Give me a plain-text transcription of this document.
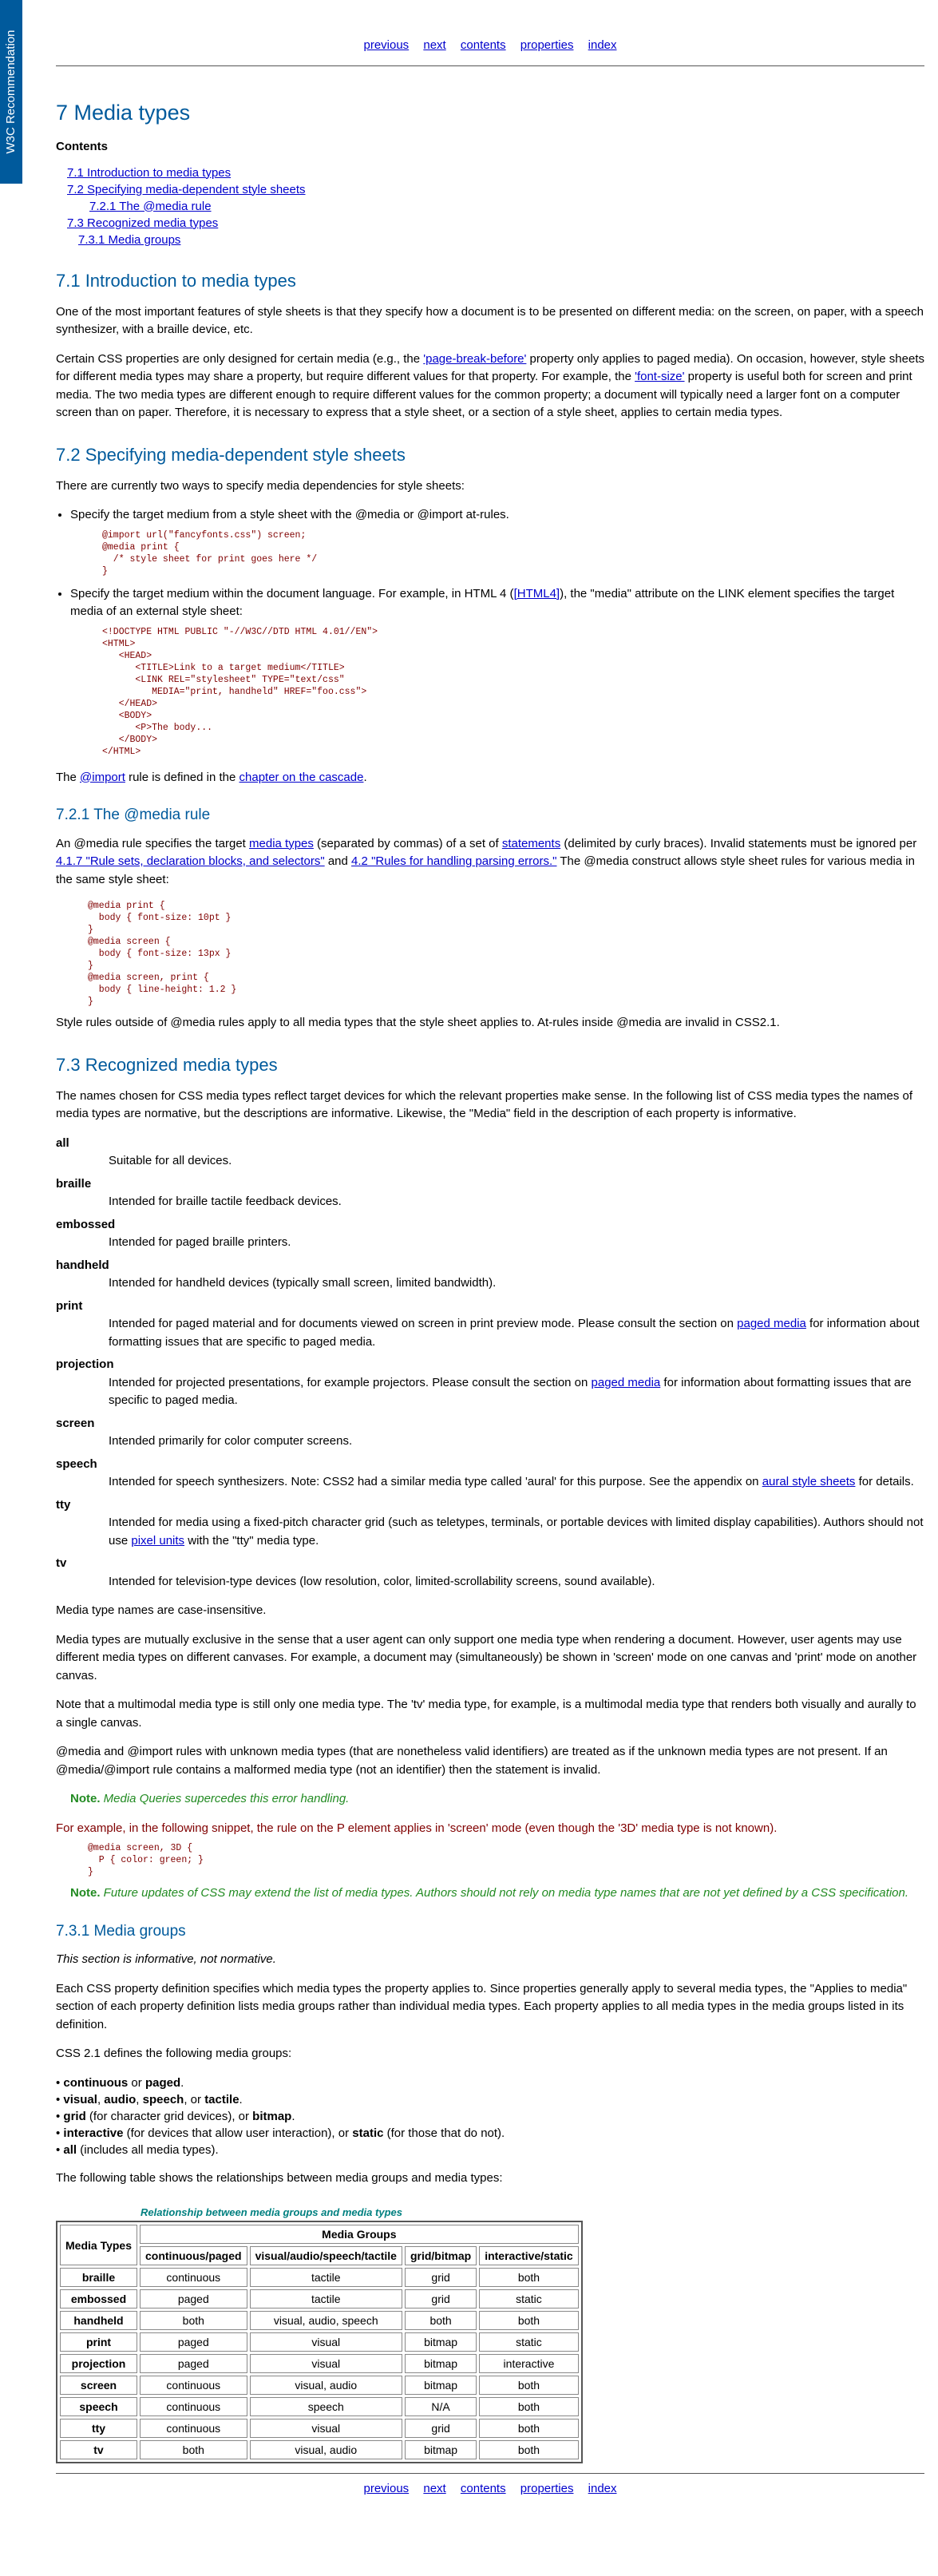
W3C Recommendation	previous next contents properties index
7 Media types
Contents
7.1 Introduction to media types
7.2 Specifying media-dependent style sheets
7.2.1 The @media rule
7.3 Recognized media types
7.3.1 Media groups
7.1 Introduction to media types

One of the most important features of style sheets is that they specify how a document is to be presented on different media: on the screen, on paper, with a speech synthesizer, with a braille device, etc.

Certain CSS properties are only designed for certain media (e.g., the 'page-break-before' property only applies to paged media). On occasion, however, style sheets for different media types may share a property, but require different values for that property. For example, the 'font-size' property is useful both for screen and print media. The two media types are different enough to require different values for the common property; a document will typically need a larger font on a computer screen than on paper. Therefore, it is necessary to express that a style sheet, or a section of a style sheet, applies to certain media types.

7.2 Specifying media-dependent style sheets

There are currently two ways to specify media dependencies for style sheets:

• Specify the target medium from a style sheet with the @media or @import at-rules.
@import url("fancyfonts.css") screen;
@media print {
/* style sheet for print goes here */
}
• Specify the target medium within the document language. For example, in HTML 4 ([HTML4]), the "media" attribute on the LINK element specifies the target media of an external style sheet:
<!DOCTYPE HTML PUBLIC "-//W3C//DTD HTML 4.01//EN">
<HTML>
<HEAD>
<TITLE>Link to a target medium</TITLE>
<LINK REL="stylesheet" TYPE="text/css"
MEDIA="print, handheld" HREF="foo.css">
</HEAD>
<BODY>
<P>The body...
</BODY>
</HTML>

The @import rule is defined in the chapter on the cascade.

7.2.1 The @media rule

An @media rule specifies the target media types (separated by commas) of a set of statements (delimited by curly braces). Invalid statements must be ignored per 4.1.7 "Rule sets, declaration blocks, and selectors" and 4.2 "Rules for handling parsing errors." The @media construct allows style sheet rules for various media in the same style sheet:

@media print {
body { font-size: 10pt }
}
@media screen {
body { font-size: 13px }
}
@media screen, print {
body { line-height: 1.2 }
}

Style rules outside of @media rules apply to all media types that the style sheet applies to. At-rules inside @media are invalid in CSS2.1.

7.3 Recognized media types

The names chosen for CSS media types reflect target devices for which the relevant properties make sense. In the following list of CSS media types the names of media types are normative, but the descriptions are informative. Likewise, the "Media" field in the description of each property is informative.

all
Suitable for all devices.
braille
Intended for braille tactile feedback devices.
embossed
Intended for paged braille printers.
handheld
Intended for handheld devices (typically small screen, limited bandwidth).
print
Intended for paged material and for documents viewed on screen in print preview mode. Please consult the section on paged media for information about formatting issues that are specific to paged media.
projection
Intended for projected presentations, for example projectors. Please consult the section on paged media for information about formatting issues that are specific to paged media.
screen
Intended primarily for color computer screens.
speech
Intended for speech synthesizers. Note: CSS2 had a similar media type called 'aural' for this purpose. See the appendix on aural style sheets for details.
tty
Intended for media using a fixed-pitch character grid (such as teletypes, terminals, or portable devices with limited display capabilities). Authors should not use pixel units with the "tty" media type.
tv
Intended for television-type devices (low resolution, color, limited-scrollability screens, sound available).

Media type names are case-insensitive.

Media types are mutually exclusive in the sense that a user agent can only support one media type when rendering a document. However, user agents may use different media types on different canvases. For example, a document may (simultaneously) be shown in 'screen' mode on one canvas and 'print' mode on another canvas.

Note that a multimodal media type is still only one media type. The 'tv' media type, for example, is a multimodal media type that renders both visually and aurally to a single canvas.

@media and @import rules with unknown media types (that are nonetheless valid identifiers) are treated as if the unknown media types are not present. If an @media/@import rule contains a malformed media type (not an identifier) then the statement is invalid.

Note. Media Queries supercedes this error handling.

For example, in the following snippet, the rule on the P element applies in 'screen' mode (even though the '3D' media type is not known).

@media screen, 3D {
P { color: green; }
}

Note. Future updates of CSS may extend the list of media types. Authors should not rely on media type names that are not yet defined by a CSS specification.

7.3.1 Media groups

This section is informative, not normative.

Each CSS property definition specifies which media types the property applies to. Since properties generally apply to several media types, the "Applies to media" section of each property definition lists media groups rather than individual media types. Each property applies to all media types in the media groups listed in its definition.

CSS 2.1 defines the following media groups:

• continuous or paged.
• visual, audio, speech, or tactile.
• grid (for character grid devices), or bitmap.
• interactive (for devices that allow user interaction), or static (for those that do not).
• all (includes all media types).

The following table shows the relationships between media groups and media types:

Relationship between media groups and media types
Media Types	Media Groups			
	continuous/paged	visual/audio/speech/tactile	grid/bitmap	interactive/static
braille	continuous	tactile	grid	both
embossed	paged	tactile	grid	static
handheld	both	visual, audio, speech	both	both
print	paged	visual	bitmap	static
projection	paged	visual	bitmap	interactive
screen	continuous	visual, audio	bitmap	both
speech	continuous	speech	N/A	both
tty	continuous	visual	grid	both
tv	both	visual, audio	bitmap	both
previous next contents properties index
